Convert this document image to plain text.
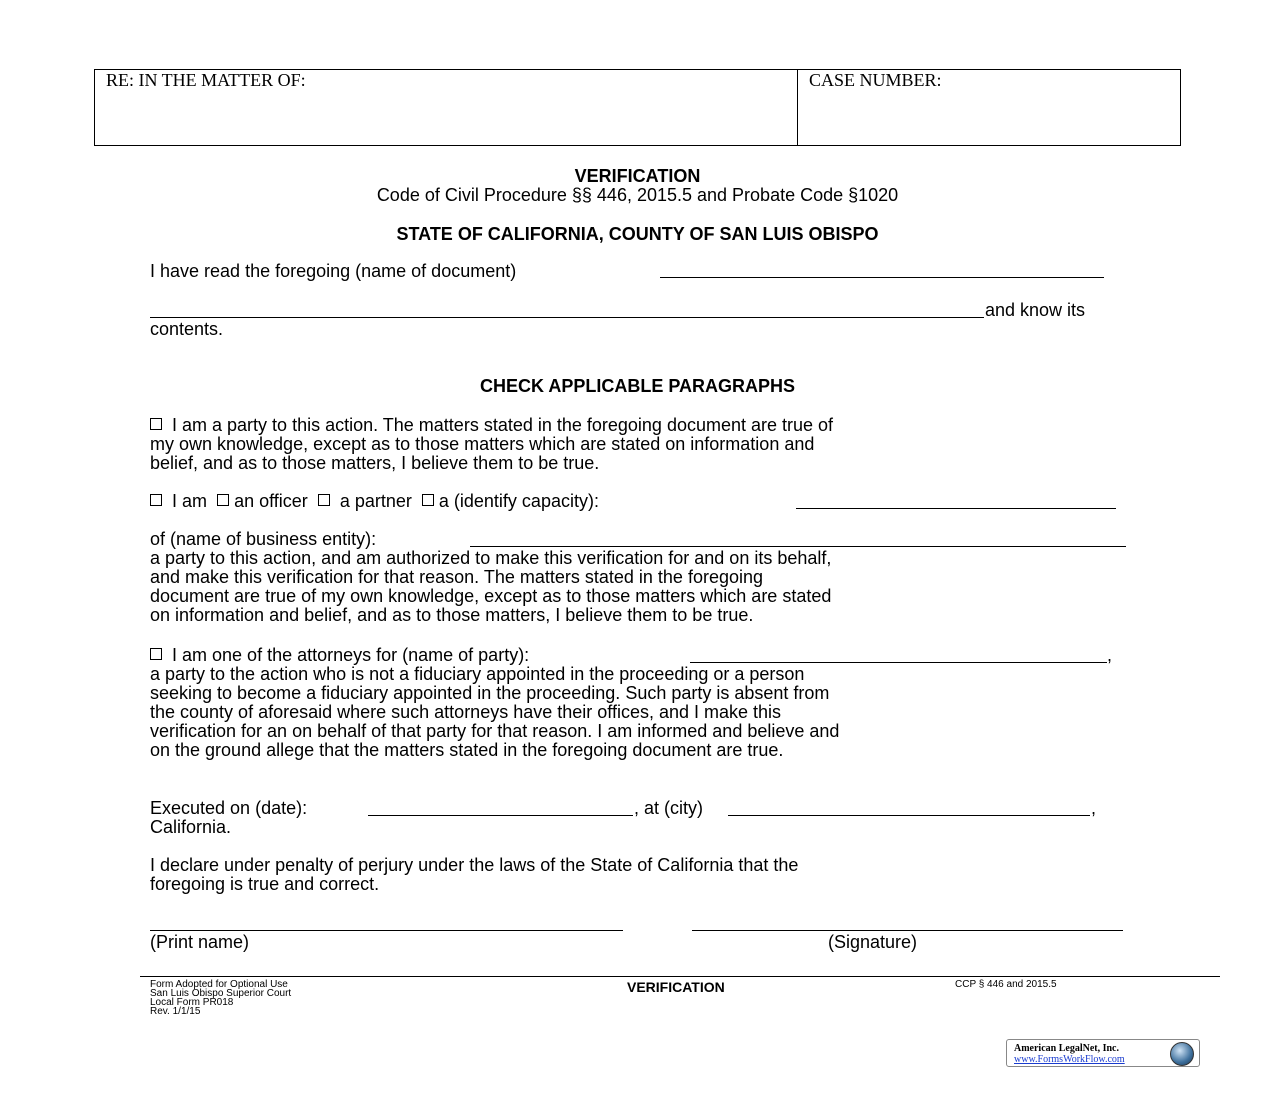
RE: IN THE MATTER OF:	CASE NUMBER:
VERIFICATION
Code of Civil Procedure §§ 446, 2015.5 and Probate Code §1020
STATE OF CALIFORNIA, COUNTY OF SAN LUIS OBISPO
I have read the foregoing (name of document)
and know its
contents.
CHECK APPLICABLE PARAGRAPHS
I am a party to this action. The matters stated in the foregoing document are true of
my own knowledge, except as to those matters which are stated on information and
belief, and as to those matters, I believe them to be true.
I am an officer a partner a (identify capacity):
of (name of business entity):
a party to this action, and am authorized to make this verification for and on its behalf,
and make this verification for that reason. The matters stated in the foregoing
document are true of my own knowledge, except as to those matters which are stated
on information and belief, and as to those matters, I believe them to be true.
I am one of the attorneys for (name of party):	,
a party to the action who is not a fiduciary appointed in the proceeding or a person
seeking to become a fiduciary appointed in the proceeding. Such party is absent from
the county of aforesaid where such attorneys have their offices, and I make this
verification for an on behalf of that party for that reason. I am informed and believe and
on the ground allege that the matters stated in the foregoing document are true.
Executed on (date):	, at (city)	,
California.
I declare under penalty of perjury under the laws of the State of California that the
foregoing is true and correct.
(Print name)	(Signature)
Form Adopted for Optional Use
San Luis Obispo Superior Court
Local Form PR018
Rev. 1/1/15
VERIFICATION	CCP § 446 and 2015.5
American LegalNet, Inc.
www.FormsWorkFlow.com
